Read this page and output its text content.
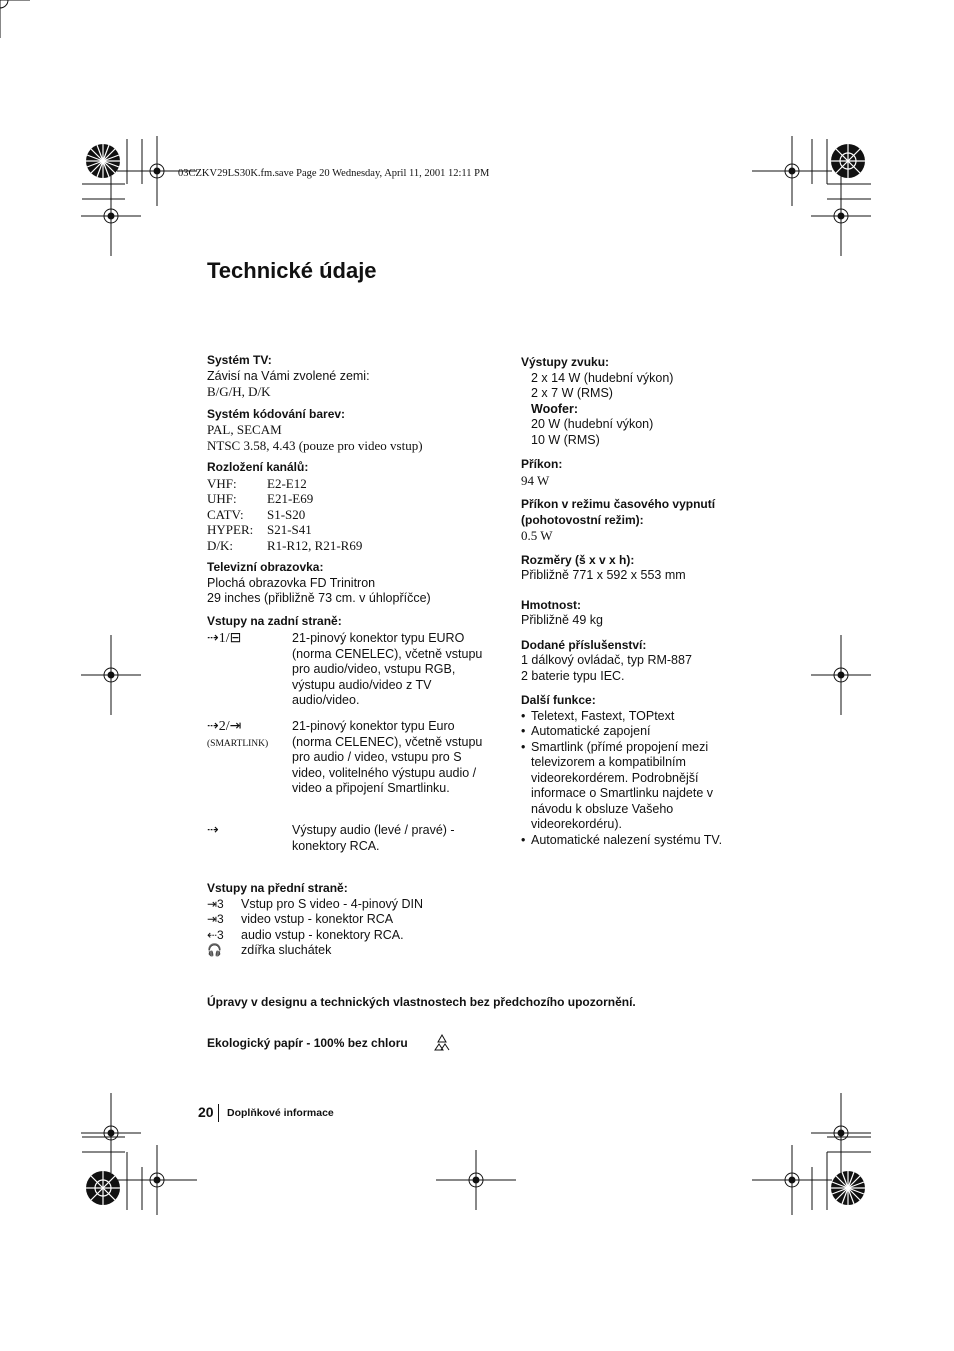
03CZKV29LS30K.fm.save Page 20 Wednesday, April 11, 2001 12:11 PM
Technické údaje
Systém TV:
Závisí na Vámi zvolené zemi:
B/G/H, D/K
Systém kódování barev:
PAL, SECAM
NTSC 3.58, 4.43 (pouze pro video vstup)
Rozložení kanálů:
VHF:	E2-E12
UHF:	E21-E69
CATV:	S1-S20
HYPER:	S21-S41
D/K:	R1-R12, R21-R69
Televizní obrazovka:
Plochá obrazovka FD Trinitron
29 inches (přibližně 73 cm. v úhlopříčce)
Vstupy na zadní straně:
⇢1/⊟	21-pinový konektor typu EURO (norma CENELEC), včetně vstupu pro audio/video, vstupu RGB, výstupu audio/video z TV audio/video.
⇢2/⇥
(SMARTLINK)
21-pinový konektor typu Euro (norma CELENEC), včetně vstupu pro audio / video, vstupu pro S video, volitelného výstupu audio / video a připojení Smartlinku.
⇢	Výstupy audio (levé / pravé) - konektory RCA.
Vstupy na přední straně:
⇥3	Vstup pro S video - 4-pinový DIN
⇥3	video vstup - konektor RCA
⇠3	audio vstup - konektory RCA.
🎧	zdířka sluchátek
Výstupy zvuku:
2 x 14 W (hudební výkon)
2 x 7 W (RMS)
Woofer:
20 W (hudební výkon)
10 W (RMS)
Příkon:
94 W
Příkon v režimu časového vypnutí
(pohotovostní režim):
0.5 W
Rozměry (š x v x h):
Přibližně 771 x 592 x 553 mm
Hmotnost:
Přibližně 49 kg
Dodané příslušenství:
1 dálkový ovládač, typ RM-887
2 baterie typu IEC.
Další funkce:
• Teletext, Fastext, TOPtext
• Automatické zapojení
• Smartlink (přímé propojení mezi televizorem a kompatibilním videorekordérem. Podrobnější informace o Smartlinku najdete v návodu k obsluze Vašeho videorekordéru).
• Automatické nalezení systému TV.
Úpravy v designu a technických vlastnostech bez předchozího upozornění.
Ekologický papír - 100% bez chloru
20 Doplňkové informace
